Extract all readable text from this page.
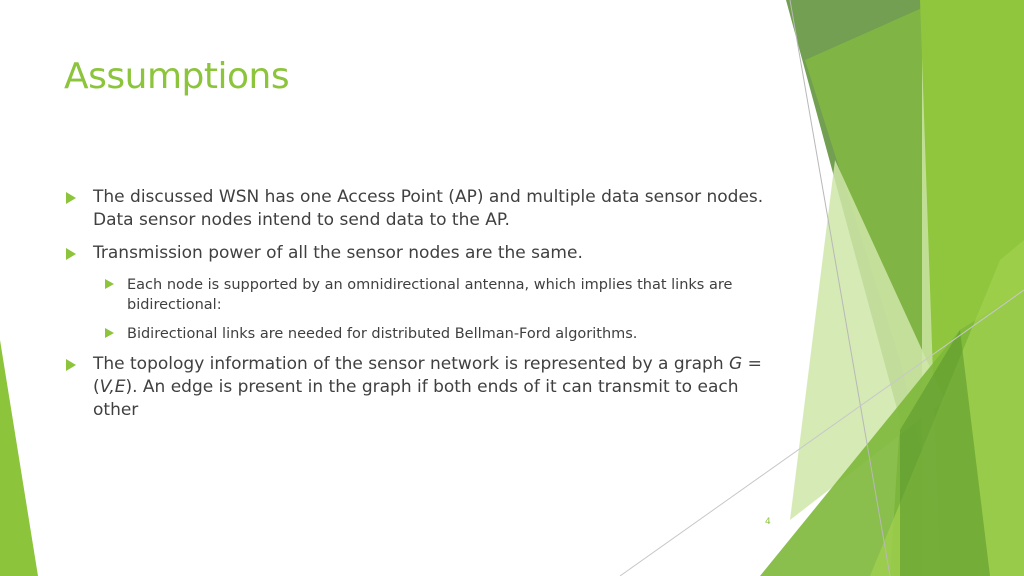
Assumptions
The discussed WSN has one Access Point (AP) and multiple data sensor nodes. Data sensor nodes intend to send data to the AP.
Transmission power of all the sensor nodes are the same.
Each node is supported by an omnidirectional antenna, which implies that links are bidirectional:
Bidirectional links are needed for distributed Bellman-Ford algorithms.
The topology information of the sensor network is represented by a graph G = (V,E). An edge is present in the graph if both ends of it can transmit to each other
4
